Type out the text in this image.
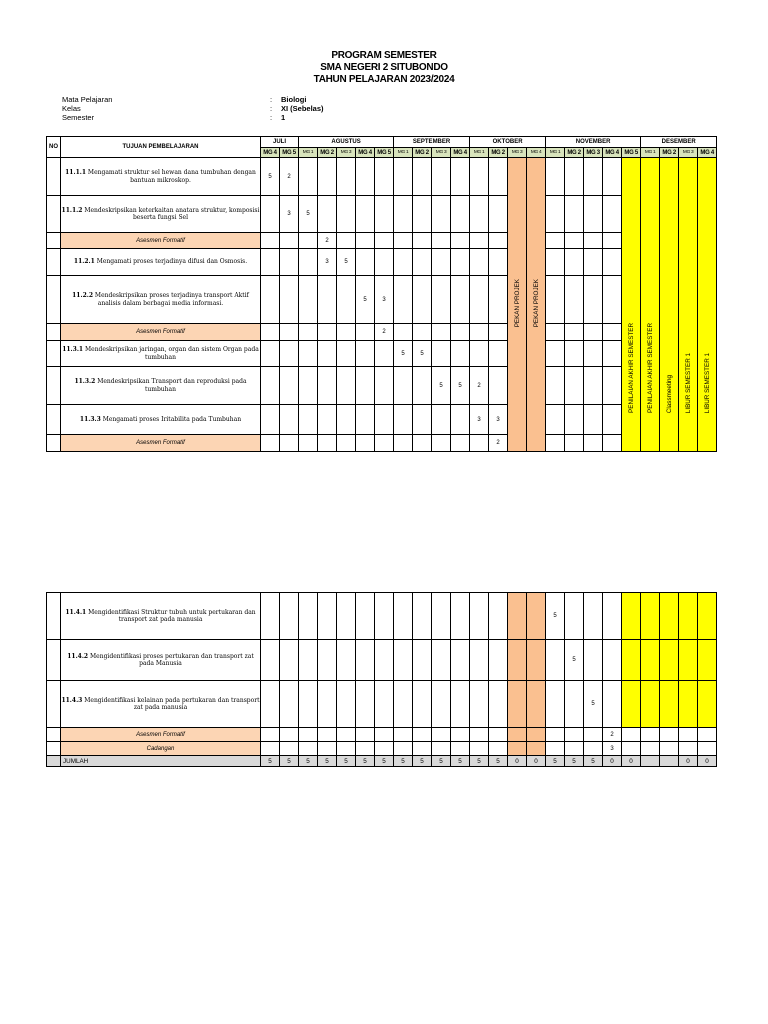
PROGRAM SEMESTER
SMA NEGERI 2 SITUBONDO
TAHUN PELAJARAN 2023/2024
Mata Pelajaran	: Biologi
Kelas	: XI (Sebelas)
Semester	: 1
NO	TUJUAN PEMBELAJARAN	JULI		AGUSTUS					SEPTEMBER				OKTOBER				NOVEMBER					DESEMBER			
		MG 4	MG 5	MG 1	MG 2	MG 3	MG 4	MG 5	MG 1	MG 2	MG 3	MG 4	MG 1	MG 2	MG 3	MG 4	MG 1	MG 2	MG 3	MG 4	MG 5	MG 1	MG 2	MG 3	MG 4
	11.1.1 Mengamati struktur sel hewan dana tumbuhan dengan bantuan mikroskop.	5	2												PEKAN PROJEK	PEKAN PROJEK					PENILAIAN AKHIR SEMESTER	PENILAIAN AKHIR SEMESTER	Classmeeting	LIBUR SEMESTER 1	LIBUR SEMESTER 1
	11.1.2 Mendeskripsikan keterkaitan anatara struktur, komposisi beserta fungsi Sel		3	5																					
	Asesmen Formatif				2																				
	11.2.1 Mengamati proses terjadinya difusi dan Osmosis.				3	5																			
	11.2.2 Mendeskripsikan proses terjadinya transport Aktif analisis dalam berbagai media informasi.						5	3																	
	Asesmen Formatif							2																	
	11.3.1 Mendeskripsikan jaringan, organ dan sistem Organ pada tumbuhan								5	5															
	11.3.2 Mendeskripsikan Transport dan reproduksi pada tumbuhan										5	5	2												
	11.3.3 Mengamati proses Iritabilita pada Tumbuhan												3	3											
	Asesmen Formatif													2											
	11.4.1 Mengidentifikasi Struktur tubuh untuk pertukaran dan transport zat pada manusia																5								
	11.4.2 Mengidentifikasi proses pertukaran dan transport zat pada Manusia																	5							
	11.4.3 Mengidentifikasi kelainan pada pertukaran dan transport zat pada manusia																		5						
	Asesmen Formatif																			2					
	Cadangan																			3					
	JUMLAH	5	5	5	5	5	5	5	5	5	5	5	5	5	0	0	5	5	5	0	0			0	0
